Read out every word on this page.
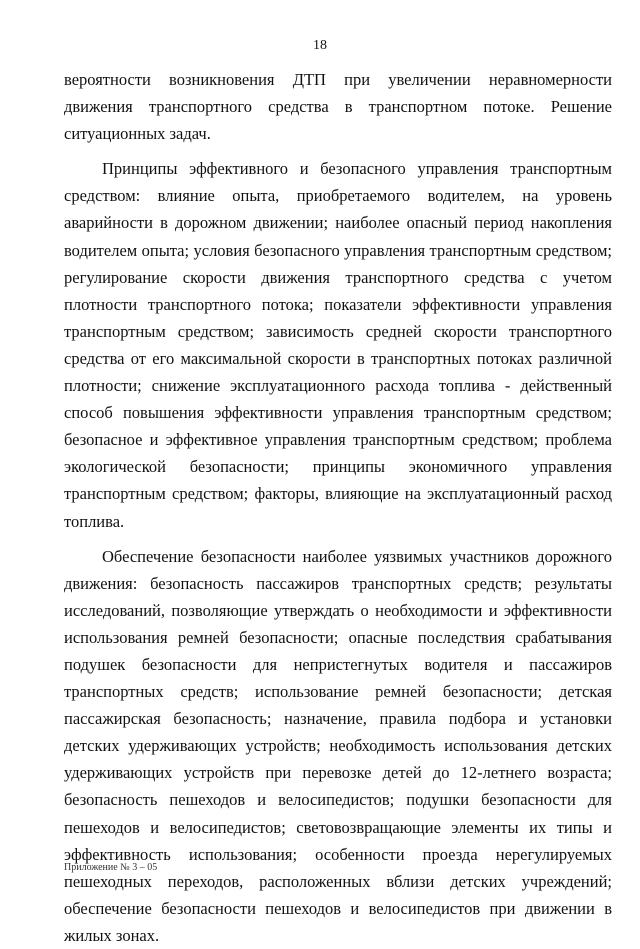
18

вероятности возникновения ДТП при увеличении неравномерности движения транспортного средства в транспортном потоке. Решение ситуационных задач.

Принципы эффективного и безопасного управления транспортным средством: влияние опыта, приобретаемого водителем, на уровень аварийности в дорожном движении; наиболее опасный период накопления водителем опыта; условия безопасного управления транспортным средством; регулирование скорости движения транспортного средства с учетом плотности транспортного потока; показатели эффективности управления транспортным средством; зависимость средней скорости транспортного средства от его максимальной скорости в транспортных потоках различной плотности; снижение эксплуатационного расхода топлива - действенный способ повышения эффективности управления транспортным средством; безопасное и эффективное управления транспортным средством; проблема экологической безопасности; принципы экономичного управления транспортным средством; факторы, влияющие на эксплуатационный расход топлива.

Обеспечение безопасности наиболее уязвимых участников дорожного движения: безопасность пассажиров транспортных средств; результаты исследований, позволяющие утверждать о необходимости и эффективности использования ремней безопасности; опасные последствия срабатывания подушек безопасности для непристегнутых водителя и пассажиров транспортных средств; использование ремней безопасности; детская пассажирская безопасность; назначение, правила подбора и установки детских удерживающих устройств; необходимость использования детских удерживающих устройств при перевозке детей до 12-летнего возраста; безопасность пешеходов и велосипедистов; подушки безопасности для пешеходов и велосипедистов; световозвращающие элементы их типы и эффективность использования; особенности проезда нерегулируемых пешеходных переходов, расположенных вблизи детских учреждений; обеспечение безопасности пешеходов и велосипедистов при движении в жилых зонах.

Приложение № 3 – 05
